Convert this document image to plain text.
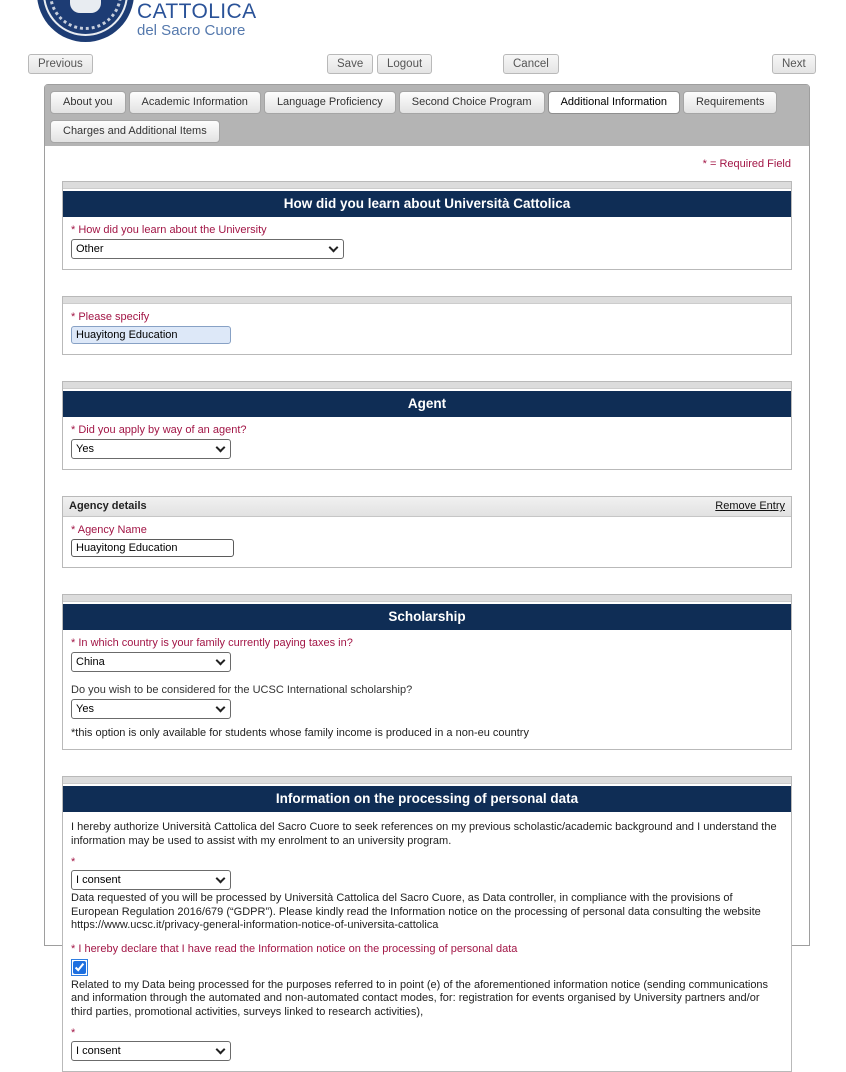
CATTOLICA
del Sacro Cuore
Previous	Save	Logout	Cancel	Next
About you	Academic Information	Language Proficiency	Second Choice Program	Additional Information	Requirements
Charges and Additional Items
* = Required Field
How did you learn about Università Cattolica
* How did you learn about the University
Other
* Please specify
Huayitong Education
Agent
* Did you apply by way of an agent?
Yes
Agency details	Remove Entry
* Agency Name
Huayitong Education
Scholarship
* In which country is your family currently paying taxes in?
China
Do you wish to be considered for the UCSC International scholarship?
Yes
*this option is only available for students whose family income is produced in a non-eu country
Information on the processing of personal data

I hereby authorize Università Cattolica del Sacro Cuore to seek references on my previous scholastic/academic background and I understand the information may be used to assist with my enrolment to an university program.

*
I consent

Data requested of you will be processed by Università Cattolica del Sacro Cuore, as Data controller, in compliance with the provisions of European Regulation 2016/679 (“GDPR”). Please kindly read the Information notice on the processing of personal data consulting the website https://www.ucsc.it/privacy-general-information-notice-of-universita-cattolica

* I hereby declare that I have read the Information notice on the processing of personal data

Related to my Data being processed for the purposes referred to in point (e) of the aforementioned information notice (sending communications and information through the automated and non-automated contact modes, for: registration for events organised by University partners and/or third parties, promotional activities, surveys linked to research activities),

*
I consent
